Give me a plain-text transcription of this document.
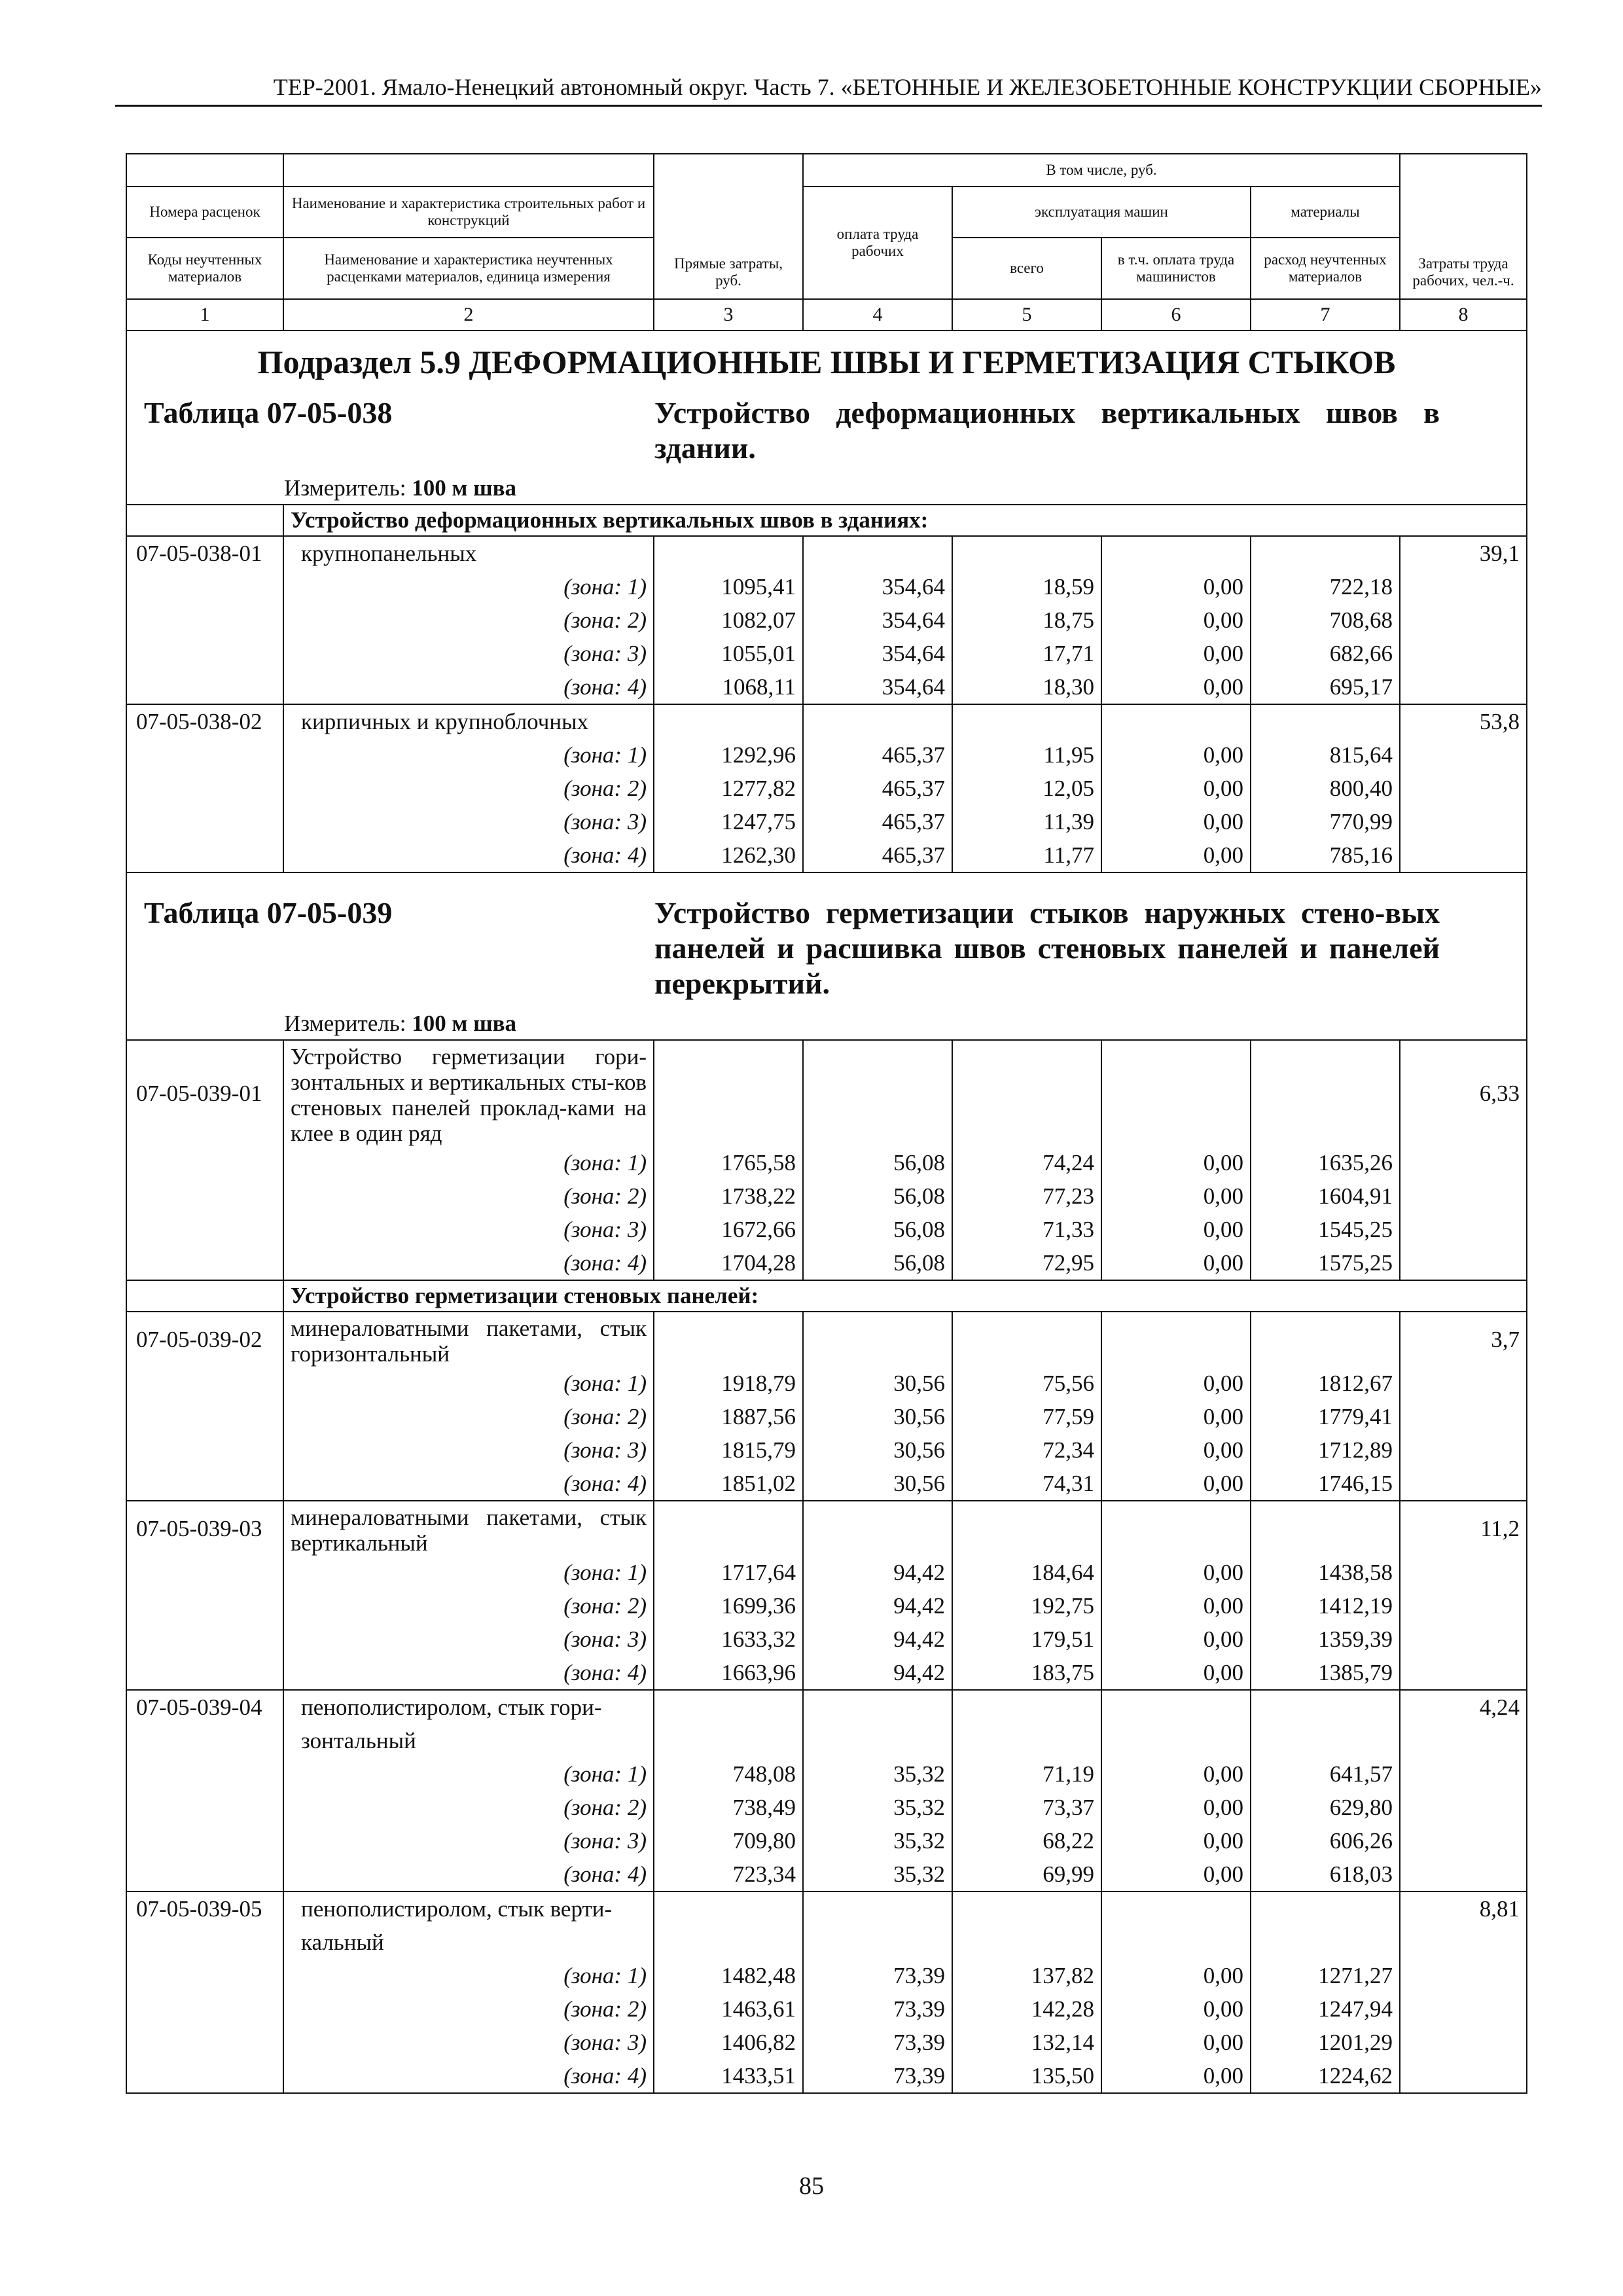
ТЕР-2001. Ямало-Ненецкий автономный округ. Часть 7. «БЕТОННЫЕ И ЖЕЛЕЗОБЕТОННЫЕ КОНСТРУКЦИИ СБОРНЫЕ»
		Прямые затраты, руб.	В том числе, руб.				Затраты труда рабочих, чел.-ч.
Номера расценок	Наименование и характеристика строительных работ и конструкций		оплата труда рабочих	эксплуатация машин		материалы	
Коды неучтенных материалов	Наименование и характеристика неучтенных расценками материалов, единица измерения			всего	в т.ч. оплата труда машинистов	расход неучтенных материалов	
1	2	3	4	5	6	7	8

Подраздел 5.9 ДЕФОРМАЦИОННЫЕ ШВЫ И ГЕРМЕТИЗАЦИЯ СТЫКОВ
Таблица 07-05-038 Устройство деформационных вертикальных швов в здании.
Измеритель: 100 м шва							

	Устройство деформационных вертикальных швов в зданиях:						
07-05-038-01	крупнопанельных						39,1
	(зона: 1)	1095,41	354,64	18,59	0,00	722,18	
	(зона: 2)	1082,07	354,64	18,75	0,00	708,68	
	(зона: 3)	1055,01	354,64	17,71	0,00	682,66	
	(зона: 4)	1068,11	354,64	18,30	0,00	695,17	
07-05-038-02	кирпичных и крупноблочных						53,8
	(зона: 1)	1292,96	465,37	11,95	0,00	815,64	
	(зона: 2)	1277,82	465,37	12,05	0,00	800,40	
	(зона: 3)	1247,75	465,37	11,39	0,00	770,99	
	(зона: 4)	1262,30	465,37	11,77	0,00	785,16	

Таблица 07-05-039 Устройство герметизации стыков наружных стено-вых панелей и расшивка швов стеновых панелей и панелей перекрытий.
Измеритель: 100 м шва							

07-05-039-01	Устройство герметизации гори-зонтальных и вертикальных сты-ков стеновых панелей проклад-ками на клее в один ряд						6,33
	(зона: 1)	1765,58	56,08	74,24	0,00	1635,26	
	(зона: 2)	1738,22	56,08	77,23	0,00	1604,91	
	(зона: 3)	1672,66	56,08	71,33	0,00	1545,25	
	(зона: 4)	1704,28	56,08	72,95	0,00	1575,25	
	Устройство герметизации стеновых панелей:						
07-05-039-02	минераловатными пакетами, стык горизонтальный						3,7
	(зона: 1)	1918,79	30,56	75,56	0,00	1812,67	
	(зона: 2)	1887,56	30,56	77,59	0,00	1779,41	
	(зона: 3)	1815,79	30,56	72,34	0,00	1712,89	
	(зона: 4)	1851,02	30,56	74,31	0,00	1746,15	
07-05-039-03	минераловатными пакетами, стык вертикальный						11,2
	(зона: 1)	1717,64	94,42	184,64	0,00	1438,58	
	(зона: 2)	1699,36	94,42	192,75	0,00	1412,19	
	(зона: 3)	1633,32	94,42	179,51	0,00	1359,39	
	(зона: 4)	1663,96	94,42	183,75	0,00	1385,79	
07-05-039-04	пенополистиролом, стык гори-зонтальный						4,24
	(зона: 1)	748,08	35,32	71,19	0,00	641,57	
	(зона: 2)	738,49	35,32	73,37	0,00	629,80	
	(зона: 3)	709,80	35,32	68,22	0,00	606,26	
	(зона: 4)	723,34	35,32	69,99	0,00	618,03	
07-05-039-05	пенополистиролом, стык верти-кальный						8,81
	(зона: 1)	1482,48	73,39	137,82	0,00	1271,27	
	(зона: 2)	1463,61	73,39	142,28	0,00	1247,94	
	(зона: 3)	1406,82	73,39	132,14	0,00	1201,29	
	(зона: 4)	1433,51	73,39	135,50	0,00	1224,62	
85
